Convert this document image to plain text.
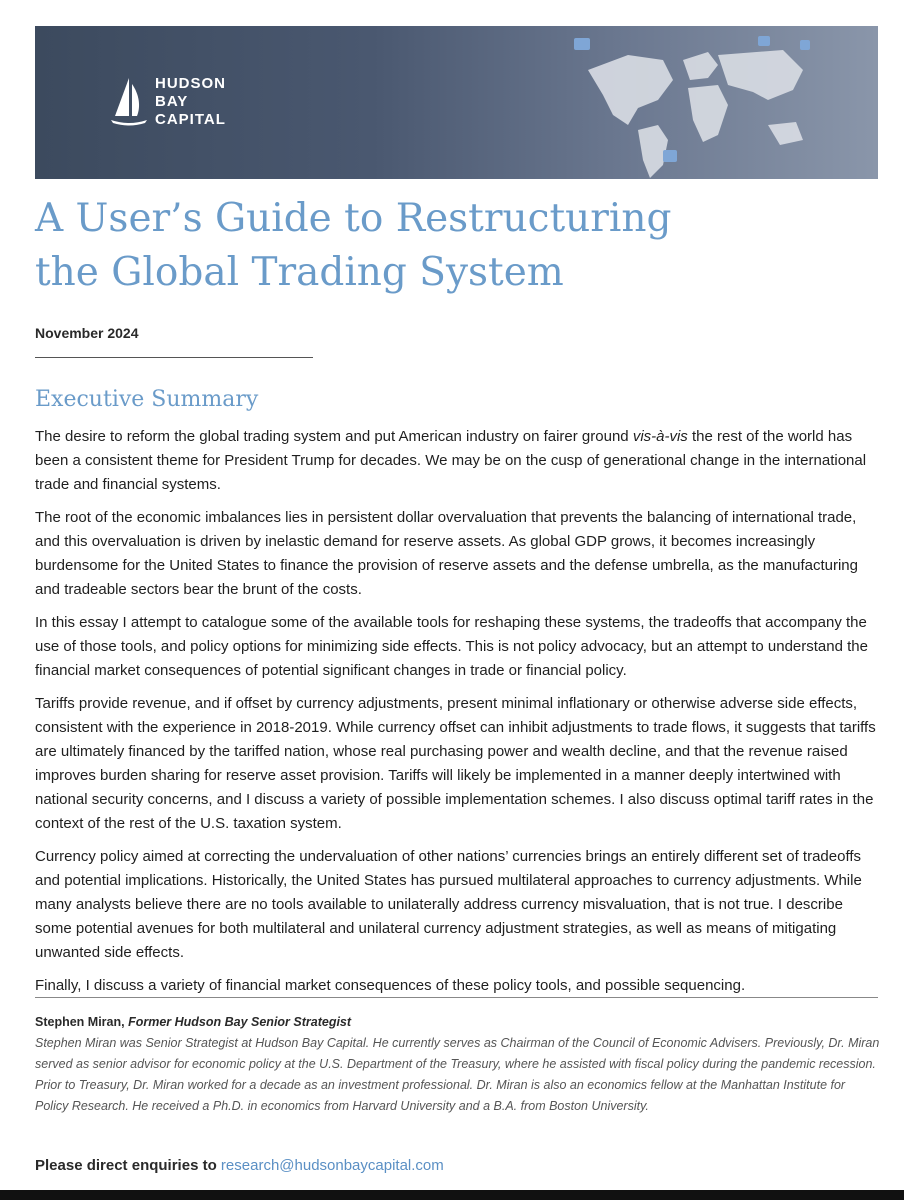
HUDSON
BAY
CAPITAL
A User’s Guide to Restructuring
the Global Trading System
November 2024
Executive Summary

The desire to reform the global trading system and put American industry on fairer ground vis-à-vis the rest of the world has been a consistent theme for President Trump for decades. We may be on the cusp of generational change in the international trade and financial systems.

The root of the economic imbalances lies in persistent dollar overvaluation that prevents the balancing of international trade, and this overvaluation is driven by inelastic demand for reserve assets. As global GDP grows, it becomes increasingly burdensome for the United States to finance the provision of reserve assets and the defense umbrella, as the manufacturing and tradeable sectors bear the brunt of the costs.

In this essay I attempt to catalogue some of the available tools for reshaping these systems, the tradeoffs that accompany the use of those tools, and policy options for minimizing side effects. This is not policy advocacy, but an attempt to understand the financial market consequences of potential significant changes in trade or financial policy.

Tariffs provide revenue, and if offset by currency adjustments, present minimal inflationary or otherwise adverse side effects, consistent with the experience in 2018-2019. While currency offset can inhibit adjustments to trade flows, it suggests that tariffs are ultimately financed by the tariffed nation, whose real purchasing power and wealth decline, and that the revenue raised improves burden sharing for reserve asset provision. Tariffs will likely be implemented in a manner deeply intertwined with national security concerns, and I discuss a variety of possible implementation schemes. I also discuss optimal tariff rates in the context of the rest of the U.S. taxation system.

Currency policy aimed at correcting the undervaluation of other nations’ currencies brings an entirely different set of tradeoffs and potential implications. Historically, the United States has pursued multilateral approaches to currency adjustments. While many analysts believe there are no tools available to unilaterally address currency misvaluation, that is not true. I describe some potential avenues for both multilateral and unilateral currency adjustment strategies, as well as means of mitigating unwanted side effects.

Finally, I discuss a variety of financial market consequences of these policy tools, and possible sequencing.

Stephen Miran, Former Hudson Bay Senior Strategist
Stephen Miran was Senior Strategist at Hudson Bay Capital. He currently serves as Chairman of the Council of Economic Advisers. Previously, Dr. Miran served as senior advisor for economic policy at the U.S. Department of the Treasury, where he assisted with fiscal policy during the pandemic recession. Prior to Treasury, Dr. Miran worked for a decade as an investment professional. Dr. Miran is also an economics fellow at the Manhattan Institute for Policy Research. He received a Ph.D. in economics from Harvard University and a B.A. from Boston University.
Please direct enquiries to research@hudsonbaycapital.com
